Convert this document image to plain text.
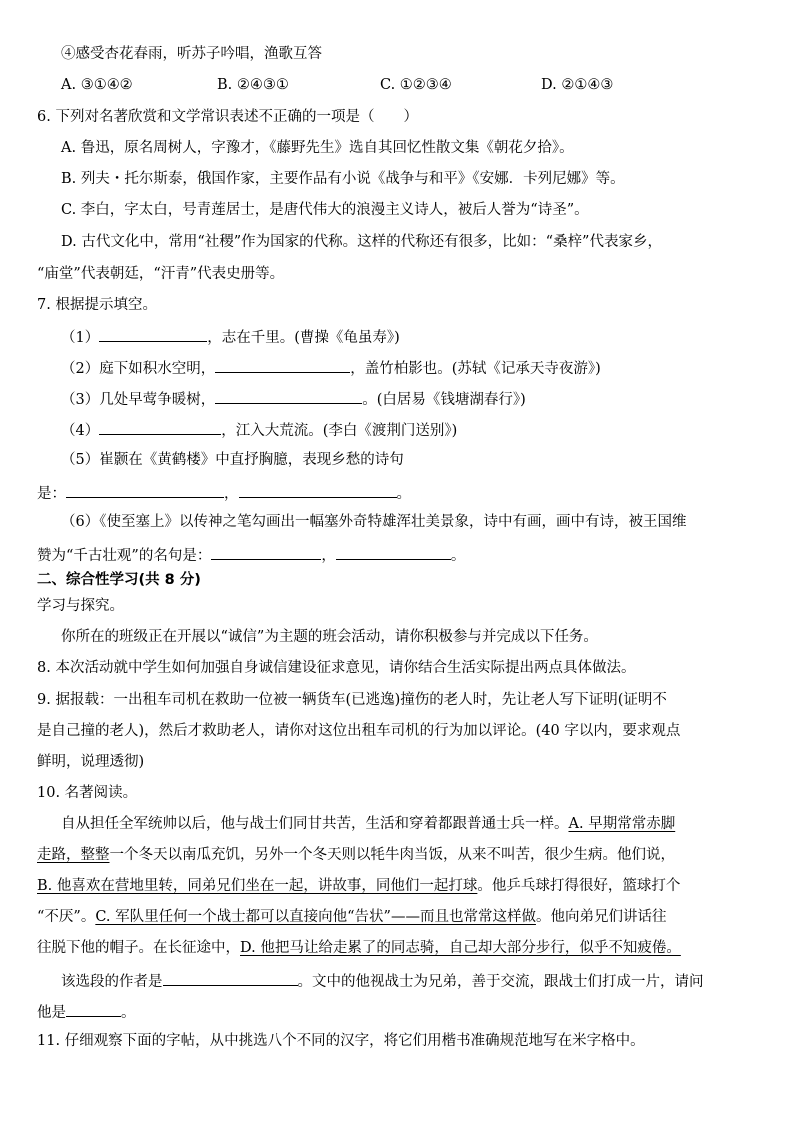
④感受杏花春雨，听苏子吟唱，渔歌互答
A. ③①④②	B. ②④③①	C. ①②③④	D. ②①④③
6. 下列对名著欣赏和文学常识表述不正确的一项是（　　）
A. 鲁迅，原名周树人，字豫才，《藤野先生》选自其回忆性散文集《朝花夕拾》。
B. 列夫・托尔斯泰，俄国作家，主要作品有小说《战争与和平》《安娜．卡列尼娜》等。
C. 李白，字太白，号青莲居士，是唐代伟大的浪漫主义诗人，被后人誉为“诗圣”。
D. 古代文化中，常用“社稷”作为国家的代称。这样的代称还有很多，比如：“桑梓”代表家乡，
“庙堂”代表朝廷，“汗青”代表史册等。
7. 根据提示填空。
（1）	，志在千里。(曹操《龟虽寿》)
（2）庭下如积水空明，	，盖竹柏影也。(苏轼《记承天寺夜游》)
（3）几处早莺争暖树，	。(白居易《钱塘湖春行》)
（4）	，江入大荒流。(李白《渡荆门送别》)
（5）崔颢在《黄鹤楼》中直抒胸臆，表现乡愁的诗句
是：	，	。
（6）《使至塞上》以传神之笔勾画出一幅塞外奇特雄浑壮美景象，诗中有画，画中有诗，被王国维
赞为“千古壮观”的名句是：	，	。
二、综合性学习(共 8 分)
学习与探究。
你所在的班级正在开展以“诚信”为主题的班会活动，请你积极参与并完成以下任务。
8. 本次活动就中学生如何加强自身诚信建设征求意见，请你结合生活实际提出两点具体做法。
9. 据报载：一出租车司机在救助一位被一辆货车(已逃逸)撞伤的老人时，先让老人写下证明(证明不
是自己撞的老人)，然后才救助老人，请你对这位出租车司机的行为加以评论。(40 字以内，要求观点
鲜明，说理透彻)
10. 名著阅读。
自从担任全军统帅以后，他与战士们同甘共苦，生活和穿着都跟普通士兵一样。A. 早期常常赤脚
走路，整整一个冬天以南瓜充饥，另外一个冬天则以牦牛肉当饭，从来不叫苦，很少生病。他们说，
B. 他喜欢在营地里转，同弟兄们坐在一起，讲故事，同他们一起打球。他乒乓球打得很好，篮球打个
“不厌”。C. 军队里任何一个战士都可以直接向他“告状”——而且也常常这样做。他向弟兄们讲话往
往脱下他的帽子。在长征途中，D. 他把马让给走累了的同志骑，自己却大部分步行，似乎不知疲倦。
该选段的作者是	。文中的他视战士为兄弟，善于交流，跟战士们打成一片，请问
他是	。
11. 仔细观察下面的字帖，从中挑选八个不同的汉字，将它们用楷书准确规范地写在米字格中。
